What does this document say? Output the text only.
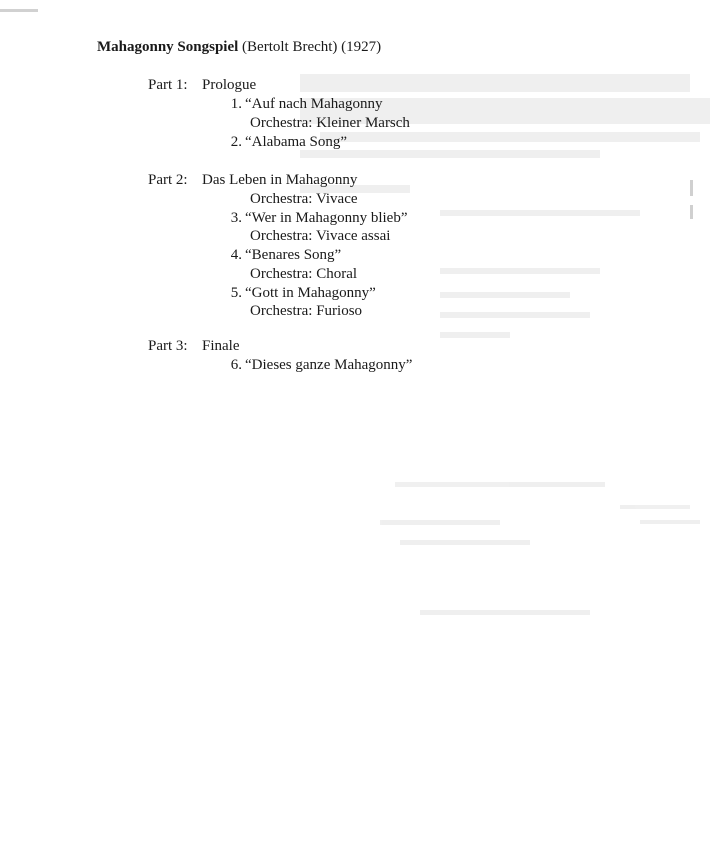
Mahagonny Songspiel (Bertolt Brecht) (1927)

Part 1: Prologue

1. “Auf nach Mahagonny

Orchestra: Kleiner Marsch

2. “Alabama Song”

Part 2: Das Leben in Mahagonny

Orchestra: Vivace

3. “Wer in Mahagonny blieb”

Orchestra: Vivace assai

4. “Benares Song”

Orchestra: Choral

5. “Gott in Mahagonny”

Orchestra: Furioso

Part 3: Finale

6. “Dieses ganze Mahagonny”
